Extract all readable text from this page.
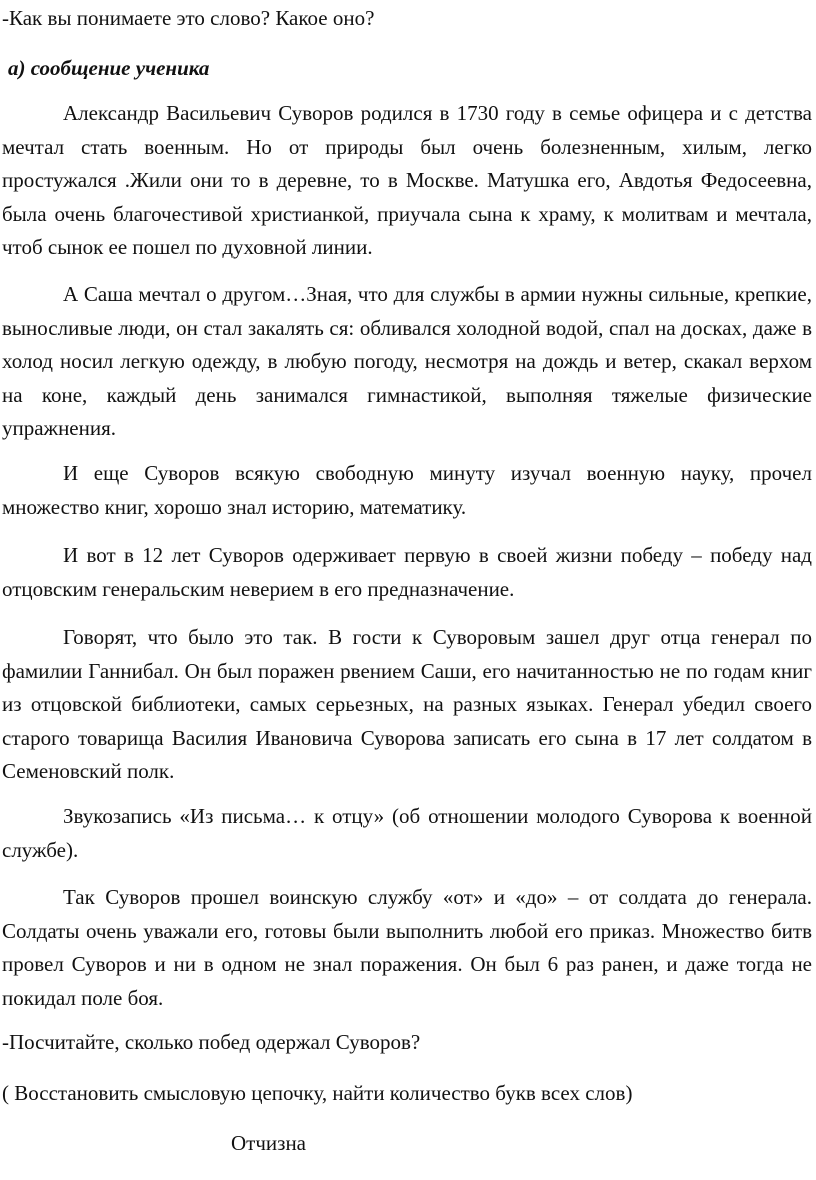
-Как вы понимаете это слово? Какое оно?

а) сообщение ученика

Александр Васильевич Суворов родился в 1730 году в семье офицера и с детства мечтал стать военным. Но от природы был очень болезненным, хилым, легко простужался .Жили они то в деревне, то в Москве. Матушка его, Авдотья Федосеевна, была очень благочестивой христианкой, приучала сына к храму, к молитвам и мечтала, чтоб сынок ее пошел по духовной линии.

А Саша мечтал о другом…Зная, что для службы в армии нужны сильные, крепкие, выносливые люди, он стал закалять ся: обливался холодной водой, спал на досках, даже в холод носил легкую одежду, в любую погоду, несмотря на дождь и ветер, скакал верхом на коне, каждый день занимался гимнастикой, выполняя тяжелые физические упражнения.

И еще Суворов всякую свободную минуту изучал военную науку, прочел множество книг, хорошо знал историю, математику.

И вот в 12 лет Суворов одерживает первую в своей жизни победу – победу над отцовским генеральским неверием в его предназначение.

Говорят, что было это так. В гости к Суворовым зашел друг отца генерал по фамилии Ганнибал. Он был поражен рвением Саши, его начитанностью не по годам книг из отцовской библиотеки, самых серьезных, на разных языках. Генерал убедил своего старого товарища Василия Ивановича Суворова записать его сына в 17 лет солдатом в Семеновский полк.

Звукозапись «Из письма… к отцу» (об отношении молодого Суворова к военной службе).

Так Суворов прошел воинскую службу «от» и «до» – от солдата до генерала. Солдаты очень уважали его, готовы были выполнить любой его приказ. Множество битв провел Суворов и ни в одном не знал поражения. Он был 6 раз ранен, и даже тогда не покидал поле боя.

-Посчитайте, сколько побед одержал Суворов?

( Восстановить смысловую цепочку, найти количество букв всех слов)

Отчизна
